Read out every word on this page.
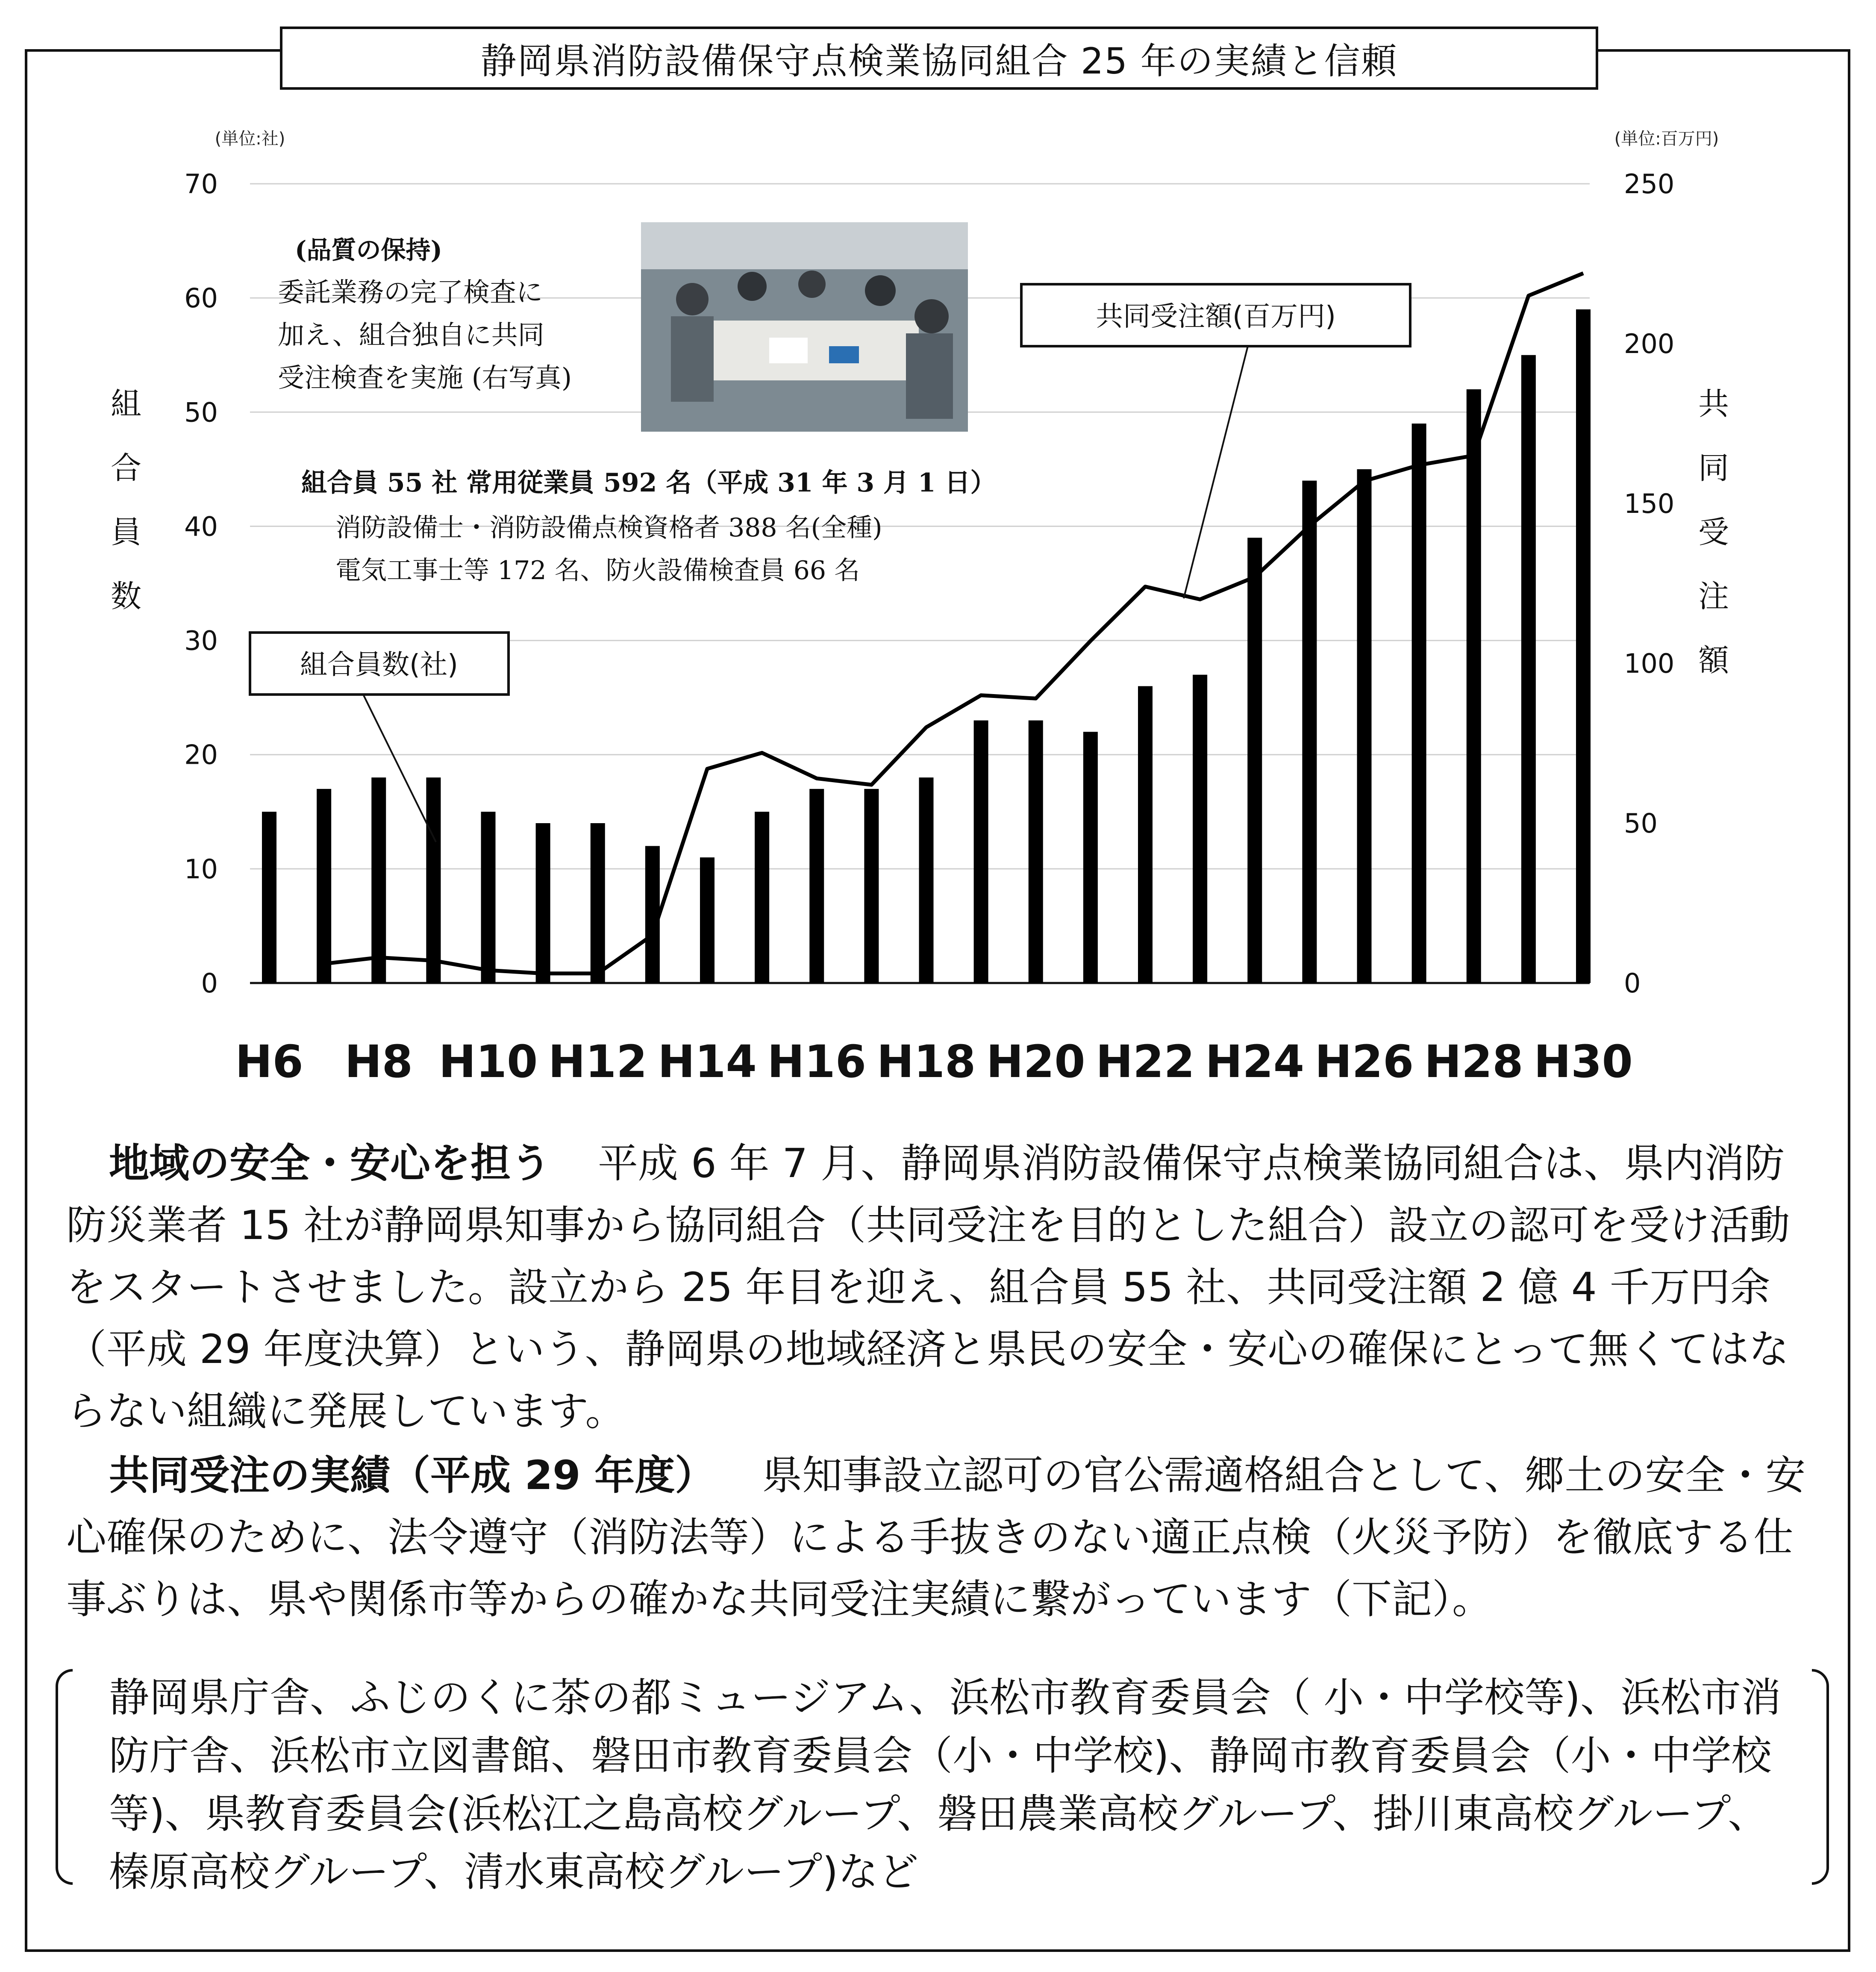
静岡県消防設備保守点検業協同組合 25 年の実績と信頼
0
10
20
30
40
50
60
70
0
50
100
150
200
250
H6 H8 H10 H12 H14 H16 H18 H20 H22 H24 H26 H28 H30
(単位:社)	(単位:百万円)
組
合
員
数
共
同
受
注
額
(品質の保持)
委託業務の完了検査に
加え、組合独自に共同
受注検査を実施 (右写真)
組合員 55 社 常用従業員 592 名（平成 31 年 3 月 1 日）
消防設備士・消防設備点検資格者 388 名(全種)
電気工事士等 172 名、防火設備検査員 66 名
共同受注額(百万円)
組合員数(社)
地域の安全・安心を担う 平成 6 年 7 月、静岡県消防設備保守点検業協同組合は、県内消防防災業者 15 社が静岡県知事から協同組合（共同受注を目的とした組合）設立の認可を受け活動をスタートさせました。設立から 25 年目を迎え、組合員 55 社、共同受注額 2 億 4 千万円余（平成 29 年度決算）という、静岡県の地域経済と県民の安全・安心の確保にとって無くてはならない組織に発展しています。
共同受注の実績（平成 29 年度） 県知事設立認可の官公需適格組合として、郷土の安全・安心確保のために、法令遵守（消防法等）による手抜きのない適正点検（火災予防）を徹底する仕事ぶりは、県や関係市等からの確かな共同受注実績に繋がっています（下記）。
静岡県庁舎、ふじのくに茶の都ミュージアム、浜松市教育委員会（ 小・中学校等)、浜松市消防庁舎、浜松市立図書館、磐田市教育委員会（小・中学校)、静岡市教育委員会（小・中学校等)、県教育委員会(浜松江之島高校グループ、磐田農業高校グループ、掛川東高校グループ、榛原高校グループ、清水東高校グループ)など
